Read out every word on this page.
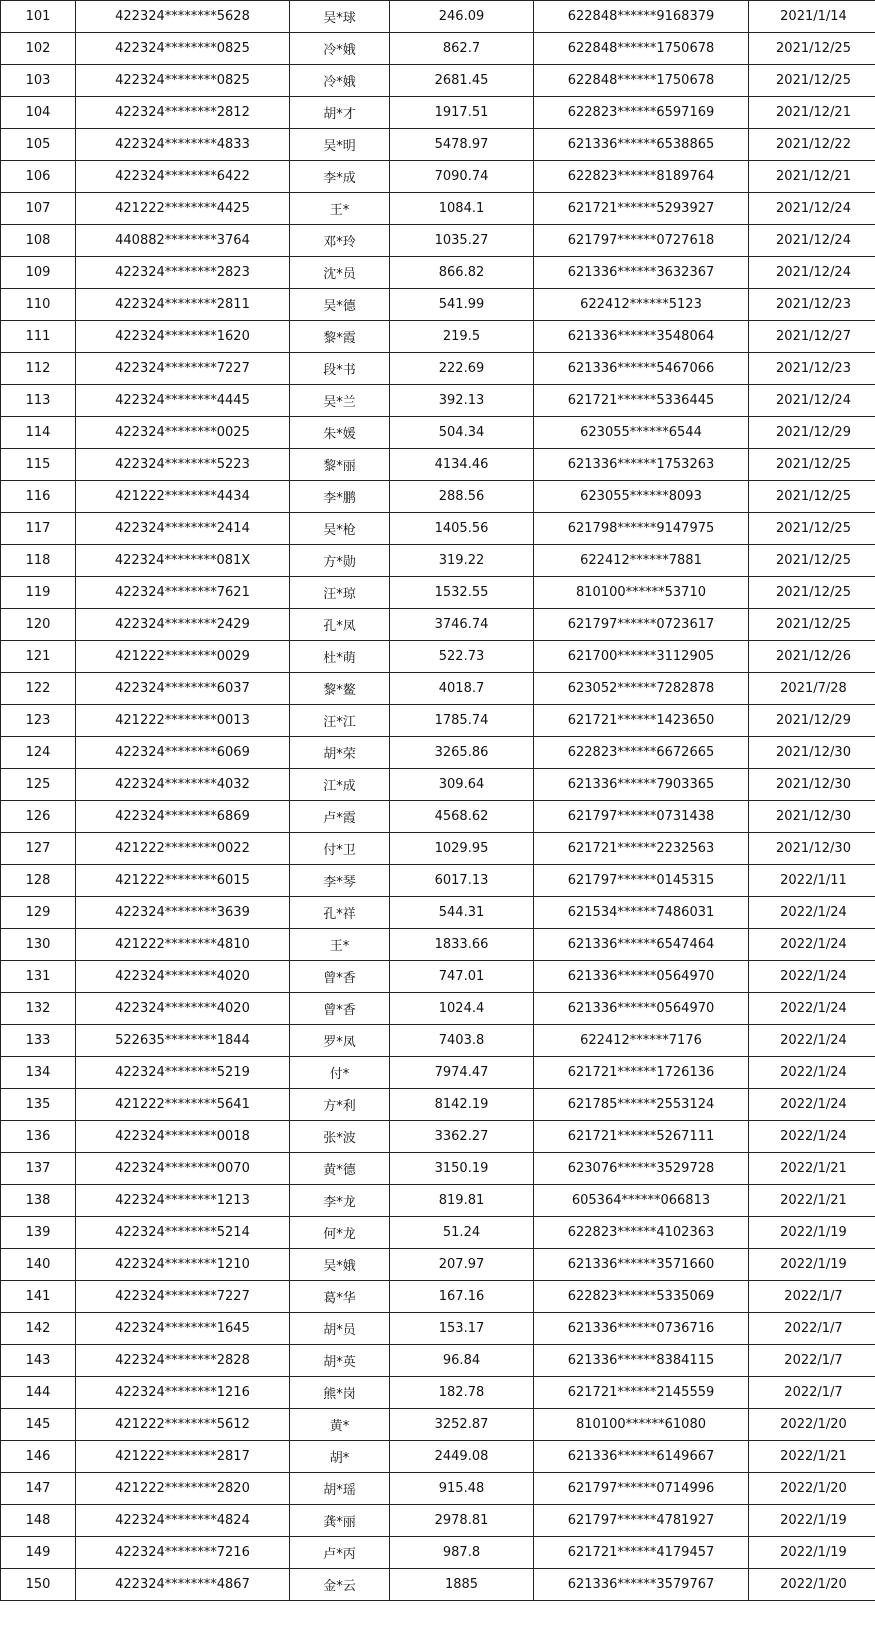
101	422324********5628	吴*球	246.09	622848******9168379	2021/1/14
102	422324********0825	冷*娥	862.7	622848******1750678	2021/12/25
103	422324********0825	冷*娥	2681.45	622848******1750678	2021/12/25
104	422324********2812	胡*才	1917.51	622823******6597169	2021/12/21
105	422324********4833	吴*明	5478.97	621336******6538865	2021/12/22
106	422324********6422	李*成	7090.74	622823******8189764	2021/12/21
107	421222********4425	王*	1084.1	621721******5293927	2021/12/24
108	440882********3764	邓*玲	1035.27	621797******0727618	2021/12/24
109	422324********2823	沈*员	866.82	621336******3632367	2021/12/24
110	422324********2811	吴*德	541.99	622412******5123	2021/12/23
111	422324********1620	黎*霞	219.5	621336******3548064	2021/12/27
112	422324********7227	段*书	222.69	621336******5467066	2021/12/23
113	422324********4445	吴*兰	392.13	621721******5336445	2021/12/24
114	422324********0025	朱*媛	504.34	623055******6544	2021/12/29
115	422324********5223	黎*丽	4134.46	621336******1753263	2021/12/25
116	421222********4434	李*鹏	288.56	623055******8093	2021/12/25
117	422324********2414	吴*枪	1405.56	621798******9147975	2021/12/25
118	422324********081X	方*勋	319.22	622412******7881	2021/12/25
119	422324********7621	汪*琼	1532.55	810100******53710	2021/12/25
120	422324********2429	孔*凤	3746.74	621797******0723617	2021/12/25
121	421222********0029	杜*萌	522.73	621700******3112905	2021/12/26
122	422324********6037	黎*鳌	4018.7	623052******7282878	2021/7/28
123	421222********0013	汪*江	1785.74	621721******1423650	2021/12/29
124	422324********6069	胡*荣	3265.86	622823******6672665	2021/12/30
125	422324********4032	江*成	309.64	621336******7903365	2021/12/30
126	422324********6869	卢*霞	4568.62	621797******0731438	2021/12/30
127	421222********0022	付*卫	1029.95	621721******2232563	2021/12/30
128	421222********6015	李*琴	6017.13	621797******0145315	2022/1/11
129	422324********3639	孔*祥	544.31	621534******7486031	2022/1/24
130	421222********4810	王*	1833.66	621336******6547464	2022/1/24
131	422324********4020	曾*香	747.01	621336******0564970	2022/1/24
132	422324********4020	曾*香	1024.4	621336******0564970	2022/1/24
133	522635********1844	罗*凤	7403.8	622412******7176	2022/1/24
134	422324********5219	付*	7974.47	621721******1726136	2022/1/24
135	421222********5641	方*利	8142.19	621785******2553124	2022/1/24
136	422324********0018	张*波	3362.27	621721******5267111	2022/1/24
137	422324********0070	黄*德	3150.19	623076******3529728	2022/1/21
138	422324********1213	李*龙	819.81	605364******066813	2022/1/21
139	422324********5214	何*龙	51.24	622823******4102363	2022/1/19
140	422324********1210	吴*娥	207.97	621336******3571660	2022/1/19
141	422324********7227	葛*华	167.16	622823******5335069	2022/1/7
142	422324********1645	胡*员	153.17	621336******0736716	2022/1/7
143	422324********2828	胡*英	96.84	621336******8384115	2022/1/7
144	422324********1216	熊*岗	182.78	621721******2145559	2022/1/7
145	421222********5612	黄*	3252.87	810100******61080	2022/1/20
146	421222********2817	胡*	2449.08	621336******6149667	2022/1/21
147	421222********2820	胡*瑶	915.48	621797******0714996	2022/1/20
148	422324********4824	龚*丽	2978.81	621797******4781927	2022/1/19
149	422324********7216	卢*丙	987.8	621721******4179457	2022/1/19
150	422324********4867	金*云	1885	621336******3579767	2022/1/20
